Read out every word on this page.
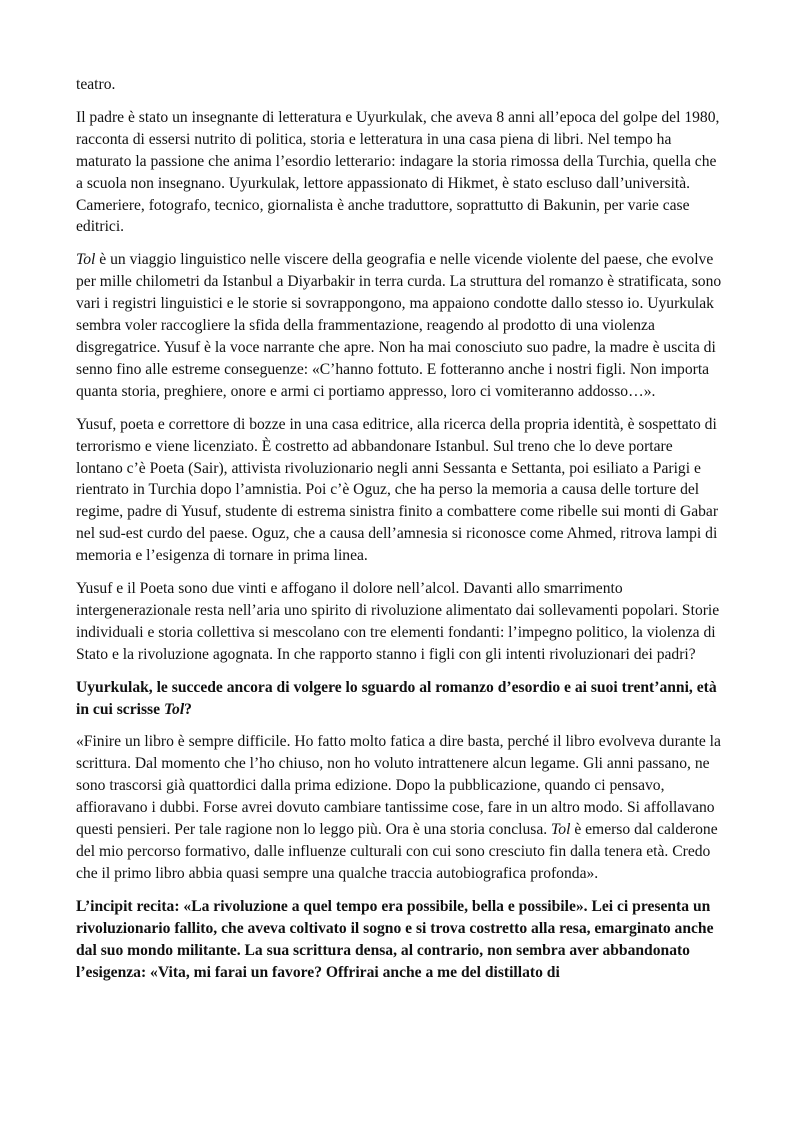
teatro.

Il padre è stato un insegnante di letteratura e Uyurkulak, che aveva 8 anni all’epoca del golpe del 1980, racconta di essersi nutrito di politica, storia e letteratura in una casa piena di libri. Nel tempo ha maturato la passione che anima l’esordio letterario: indagare la storia rimossa della Turchia, quella che a scuola non insegnano. Uyurkulak, lettore appassionato di Hikmet, è stato escluso dall’università. Cameriere, fotografo, tecnico, giornalista è anche traduttore, soprattutto di Bakunin, per varie case editrici.

Tol è un viaggio linguistico nelle viscere della geografia e nelle vicende violente del paese, che evolve per mille chilometri da Istanbul a Diyarbakir in terra curda. La struttura del romanzo è stratificata, sono vari i registri linguistici e le storie si sovrappongono, ma appaiono condotte dallo stesso io. Uyurkulak sembra voler raccogliere la sfida della frammentazione, reagendo al prodotto di una violenza disgregatrice. Yusuf è la voce narrante che apre. Non ha mai conosciuto suo padre, la madre è uscita di senno fino alle estreme conseguenze: «C’hanno fottuto. E fotteranno anche i nostri figli. Non importa quanta storia, preghiere, onore e armi ci portiamo appresso, loro ci vomiteranno addosso…».

Yusuf, poeta e correttore di bozze in una casa editrice, alla ricerca della propria identità, è sospettato di terrorismo e viene licenziato. È costretto ad abbandonare Istanbul. Sul treno che lo deve portare lontano c’è Poeta (Sair), attivista rivoluzionario negli anni Sessanta e Settanta, poi esiliato a Parigi e rientrato in Turchia dopo l’amnistia. Poi c’è Oguz, che ha perso la memoria a causa delle torture del regime, padre di Yusuf, studente di estrema sinistra finito a combattere come ribelle sui monti di Gabar nel sud-est curdo del paese. Oguz, che a causa dell’amnesia si riconosce come Ahmed, ritrova lampi di memoria e l’esigenza di tornare in prima linea.

Yusuf e il Poeta sono due vinti e affogano il dolore nell’alcol. Davanti allo smarrimento intergenerazionale resta nell’aria uno spirito di rivoluzione alimentato dai sollevamenti popolari. Storie individuali e storia collettiva si mescolano con tre elementi fondanti: l’impegno politico, la violenza di Stato e la rivoluzione agognata. In che rapporto stanno i figli con gli intenti rivoluzionari dei padri?

Uyurkulak, le succede ancora di volgere lo sguardo al romanzo d’esordio e ai suoi trent’anni, età in cui scrisse Tol?

«Finire un libro è sempre difficile. Ho fatto molto fatica a dire basta, perché il libro evolveva durante la scrittura. Dal momento che l’ho chiuso, non ho voluto intrattenere alcun legame. Gli anni passano, ne sono trascorsi già quattordici dalla prima edizione. Dopo la pubblicazione, quando ci pensavo, affioravano i dubbi. Forse avrei dovuto cambiare tantissime cose, fare in un altro modo. Si affollavano questi pensieri. Per tale ragione non lo leggo più. Ora è una storia conclusa. Tol è emerso dal calderone del mio percorso formativo, dalle influenze culturali con cui sono cresciuto fin dalla tenera età. Credo che il primo libro abbia quasi sempre una qualche traccia autobiografica profonda».

L’incipit recita: «La rivoluzione a quel tempo era possibile, bella e possibile». Lei ci presenta un rivoluzionario fallito, che aveva coltivato il sogno e si trova costretto alla resa, emarginato anche dal suo mondo militante. La sua scrittura densa, al contrario, non sembra aver abbandonato l’esigenza: «Vita, mi farai un favore? Offrirai anche a me del distillato di
